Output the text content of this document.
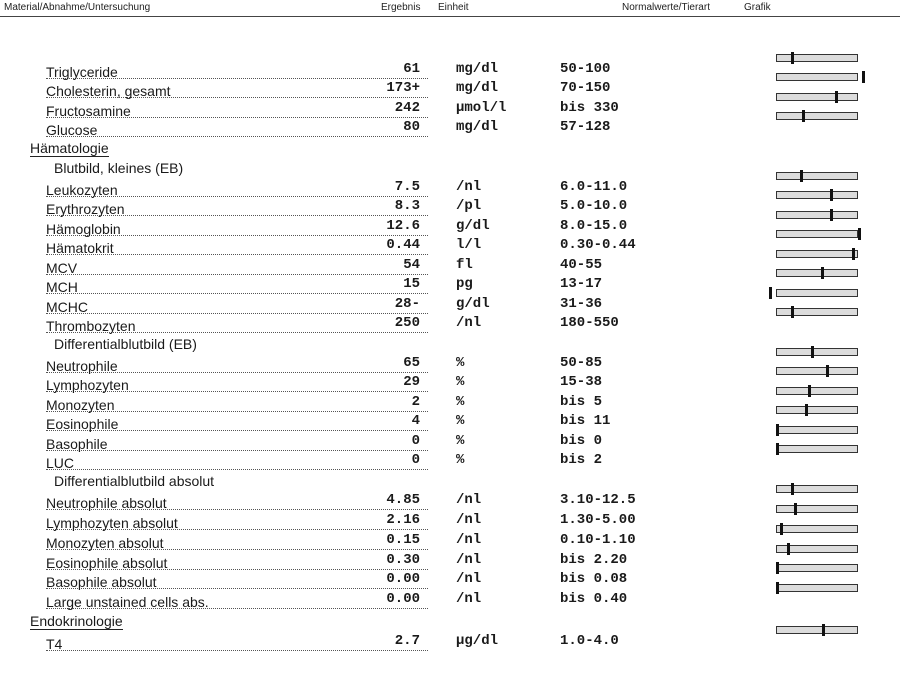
Material/Abnahme/Untersuchung	Ergebnis Einheit	Normalwerte/Tierart	Grafik
Triglyceride	61	mg/dl	50-100
Cholesterin, gesamt	173+	mg/dl	70-150
Fructosamine	242	µmol/l	bis 330
Glucose	80	mg/dl	57-128
Leukozyten	7.5	/nl	6.0-11.0
Erythrozyten	8.3	/pl	5.0-10.0
Hämoglobin	12.6	g/dl	8.0-15.0
Hämatokrit	0.44	l/l	0.30-0.44
MCV	54	fl	40-55
MCH	15	pg	13-17
MCHC	28-	g/dl	31-36
Thrombozyten	250	/nl	180-550
Neutrophile	65	%	50-85
Lymphozyten	29	%	15-38
Monozyten	2	%	bis 5
Eosinophile	4	%	bis 11
Basophile	0	%	bis 0
LUC	0	%	bis 2
Neutrophile absolut	4.85	/nl	3.10-12.5
Lymphozyten absolut	2.16	/nl	1.30-5.00
Monozyten absolut	0.15	/nl	0.10-1.10
Eosinophile absolut	0.30	/nl	bis 2.20
Basophile absolut	0.00	/nl	bis 0.08
Large unstained cells abs.	0.00	/nl	bis 0.40
T4	2.7	µg/dl	1.0-4.0
Hämatologie
Blutbild, kleines (EB)
Differentialblutbild (EB)
Differentialblutbild absolut
Endokrinologie
